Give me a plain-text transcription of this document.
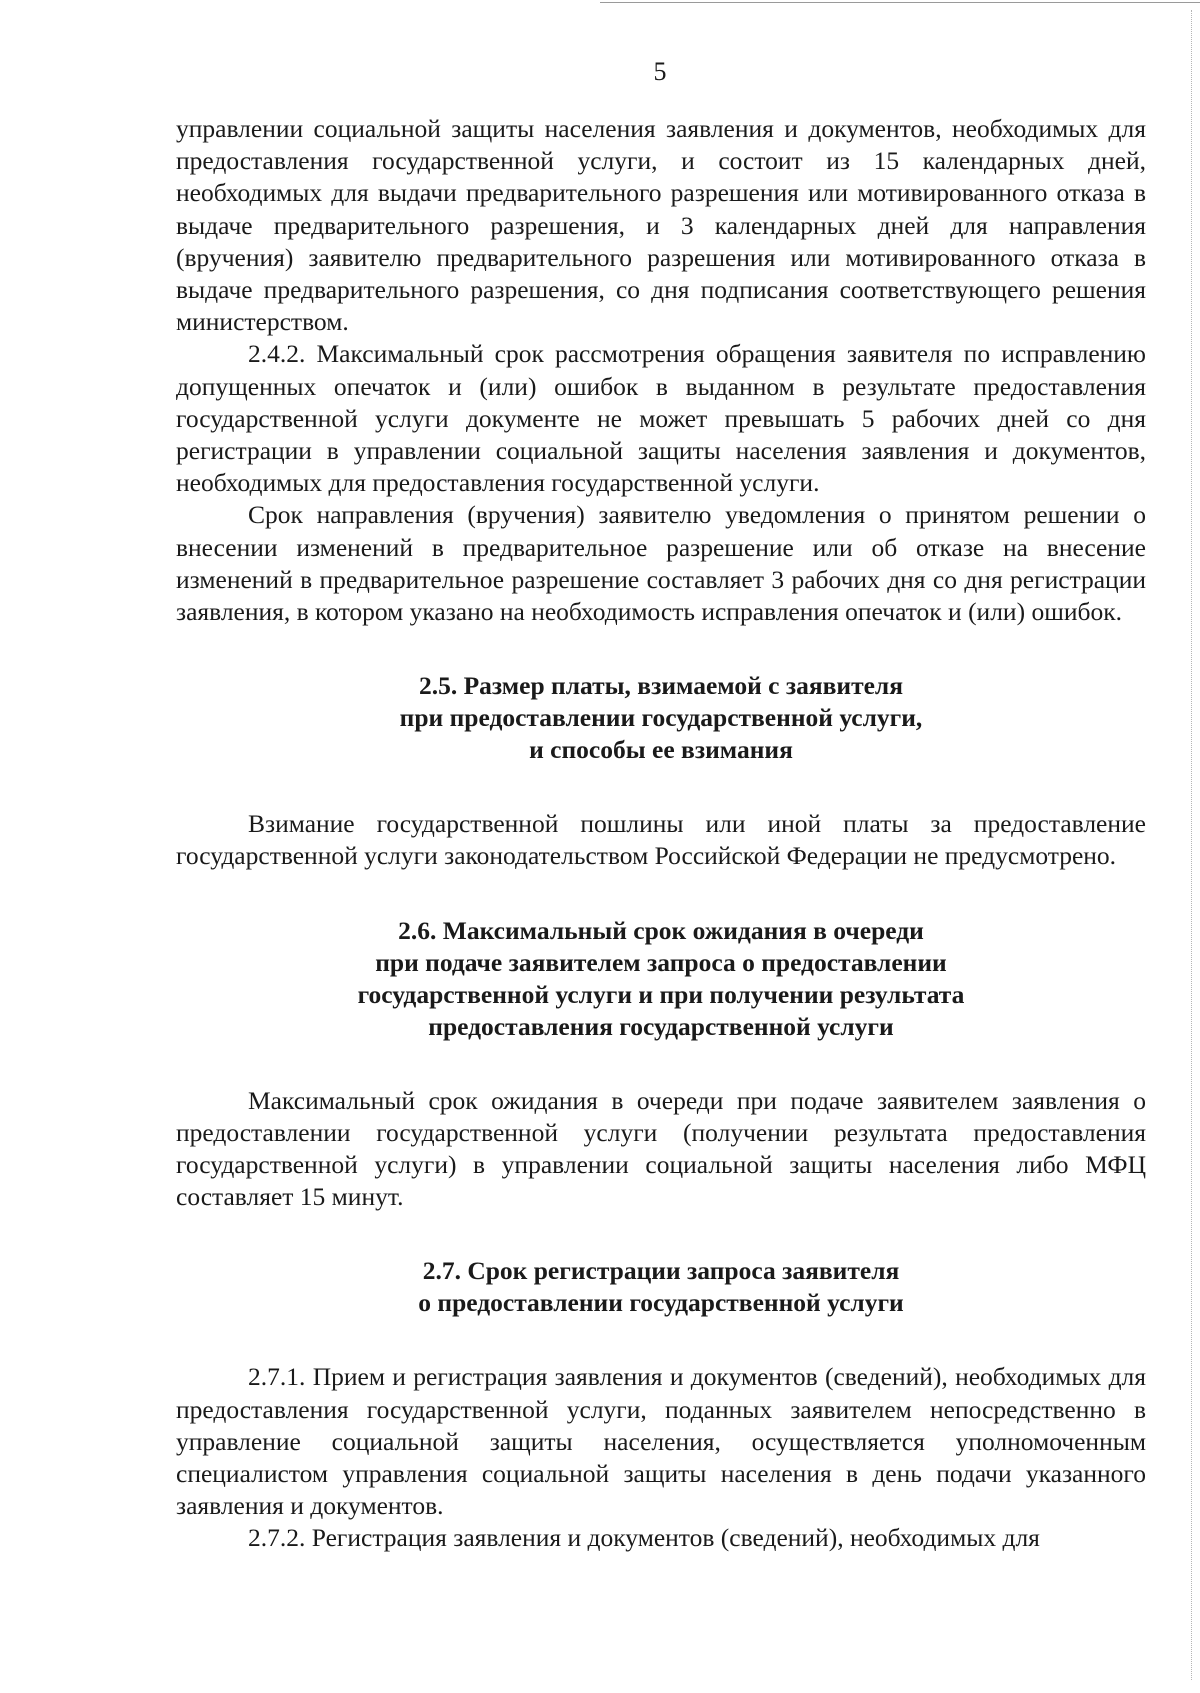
5

управлении социальной защиты населения заявления и документов, необходимых для предоставления государственной услуги, и состоит из 15 календарных дней, необходимых для выдачи предварительного разрешения или мотивированного отказа в выдаче предварительного разрешения, и 3 календарных дней для направления (вручения) заявителю предварительного разрешения или мотивированного отказа в выдаче предварительного разрешения, со дня подписания соответствующего решения министерством.

2.4.2. Максимальный срок рассмотрения обращения заявителя по исправлению допущенных опечаток и (или) ошибок в выданном в результате предоставления государственной услуги документе не может превышать 5 рабочих дней со дня регистрации в управлении социальной защиты населения заявления и документов, необходимых для предоставления государственной услуги.

Срок направления (вручения) заявителю уведомления о принятом решении о внесении изменений в предварительное разрешение или об отказе на внесение изменений в предварительное разрешение составляет 3 рабочих дня со дня регистрации заявления, в котором указано на необходимость исправления опечаток и (или) ошибок.

2.5. Размер платы, взимаемой с заявителя
при предоставлении государственной услуги,
и способы ее взимания

Взимание государственной пошлины или иной платы за предоставление государственной услуги законодательством Российской Федерации не предусмотрено.

2.6. Максимальный срок ожидания в очереди
при подаче заявителем запроса о предоставлении
государственной услуги и при получении результата
предоставления государственной услуги

Максимальный срок ожидания в очереди при подаче заявителем заявления о предоставлении государственной услуги (получении результата предоставления государственной услуги) в управлении социальной защиты населения либо МФЦ составляет 15 минут.

2.7. Срок регистрации запроса заявителя
о предоставлении государственной услуги

2.7.1. Прием и регистрация заявления и документов (сведений), необходимых для предоставления государственной услуги, поданных заявителем непосредственно в управление социальной защиты населения, осуществляется уполномоченным специалистом управления социальной защиты населения в день подачи указанного заявления и документов.

2.7.2. Регистрация заявления и документов (сведений), необходимых для
